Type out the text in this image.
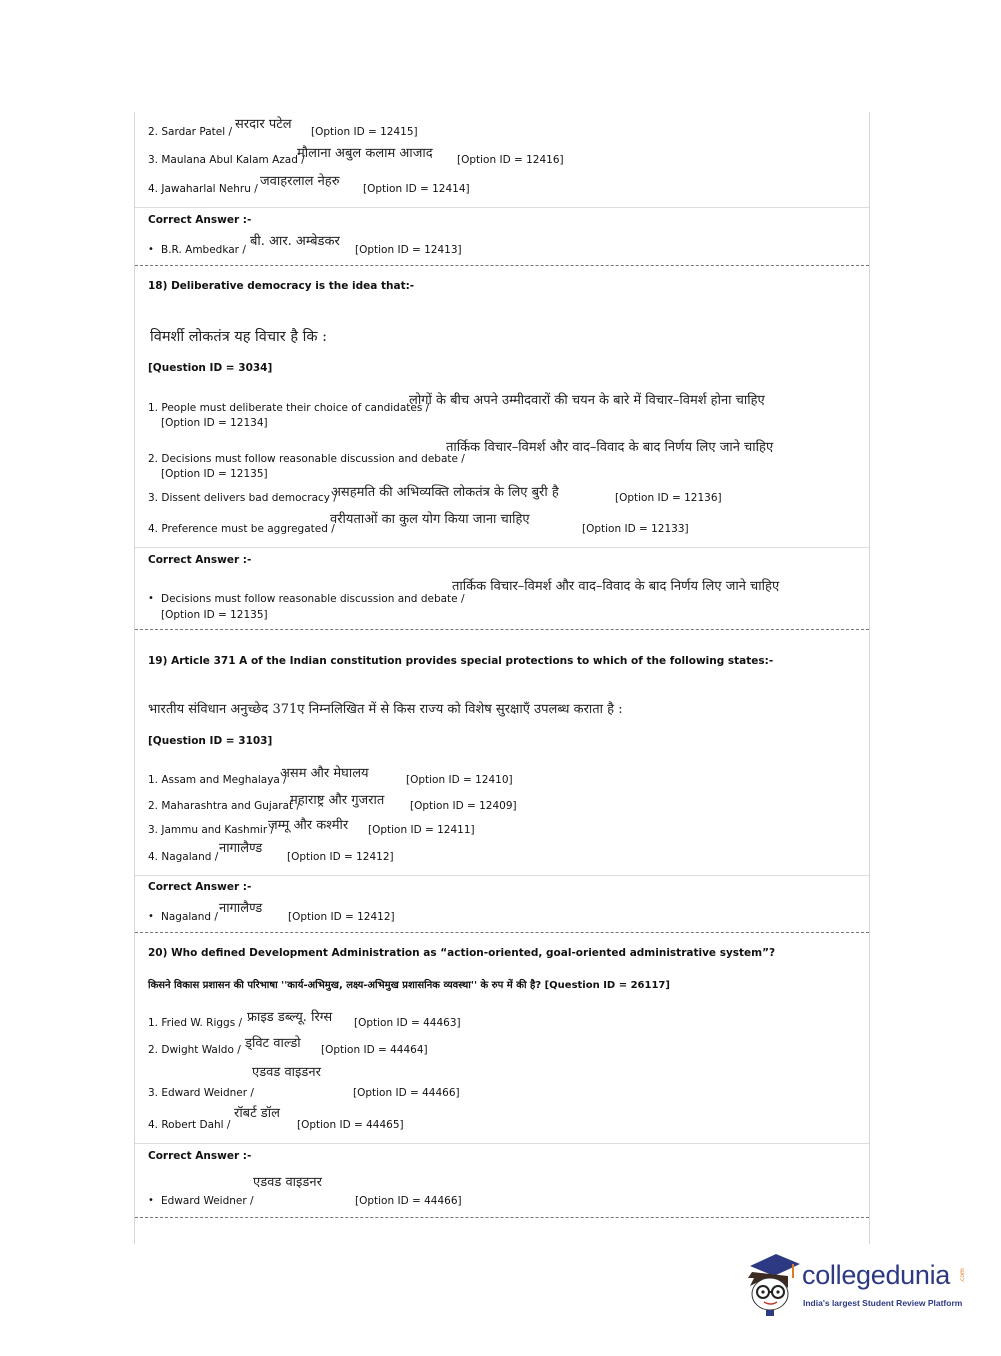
2. Sardar Patel / सरदार पटेल [Option ID = 12415]
3. Maulana Abul Kalam Azad /
मौलाना अबुल कलाम आजाद [Option ID = 12416]
4. Jawaharlal Nehru / जवाहरलाल नेहरु [Option ID = 12414]
Correct Answer :-
• B.R. Ambedkar /
बी. आर. अम्बेडकर
[Option ID = 12413]
18) Deliberative democracy is the idea that:-
विमर्शी लोकतंत्र यह विचार है कि :
[Question ID = 3034]
1. People must deliberate their choice of candidates /
लोगों के बीच अपने उम्मीदवारों की चयन के बारे में विचार–विमर्श होना चाहिए
[Option ID = 12134]
2. Decisions must follow reasonable discussion and debate /
तार्किक विचार–विमर्श और वाद–विवाद के बाद निर्णय लिए जाने चाहिए
[Option ID = 12135]
3. Dissent delivers bad democracy /
असहमति की अभिव्यक्ति लोकतंत्र के लिए बुरी है	[Option ID = 12136]
4. Preference must be aggregated /
वरीयताओं का कुल योग किया जाना चाहिए
[Option ID = 12133]
Correct Answer :-
तार्किक विचार–विमर्श और वाद–विवाद के बाद निर्णय लिए जाने चाहिए
• Decisions must follow reasonable discussion and debate /
[Option ID = 12135]
19) Article 371 A of the Indian constitution provides special protections to which of the following states:-
भारतीय संविधान अनुच्छेद 371ए निम्नलिखित में से किस राज्य को विशेष सुरक्षाएँ उपलब्ध कराता है :
[Question ID = 3103]
1. Assam and Meghalaya /
असम और मेघालय	[Option ID = 12410]
2. Maharashtra and Gujarat /
महाराष्ट्र और गुजरात [Option ID = 12409]
3. Jammu and Kashmir /
जम्मू और कश्मीर [Option ID = 12411]
4. Nagaland /
नागालैण्ड
[Option ID = 12412]
Correct Answer :-
• Nagaland /
नागालैण्ड
[Option ID = 12412]
20) Who defined Development Administration as “action-oriented, goal-oriented administrative system”?
किसने विकास प्रशासन की परिभाषा ''कार्य-अभिमुख, लक्ष्य-अभिमुख प्रशासनिक व्यवस्था'' के रुप में की है? [Question ID = 26117]
1. Fried W. Riggs / फ्राइड डब्ल्यू. रिग्स [Option ID = 44463]
2. Dwight Waldo / ड्विट वाल्डो [Option ID = 44464]
एडवड वाइडनर
3. Edward Weidner /	[Option ID = 44466]
रॉबर्ट डॉल
4. Robert Dahl /	[Option ID = 44465]
Correct Answer :-
एडवड वाइडनर
• Edward Weidner /	[Option ID = 44466]
collegedunia .com
India's largest Student Review Platform
